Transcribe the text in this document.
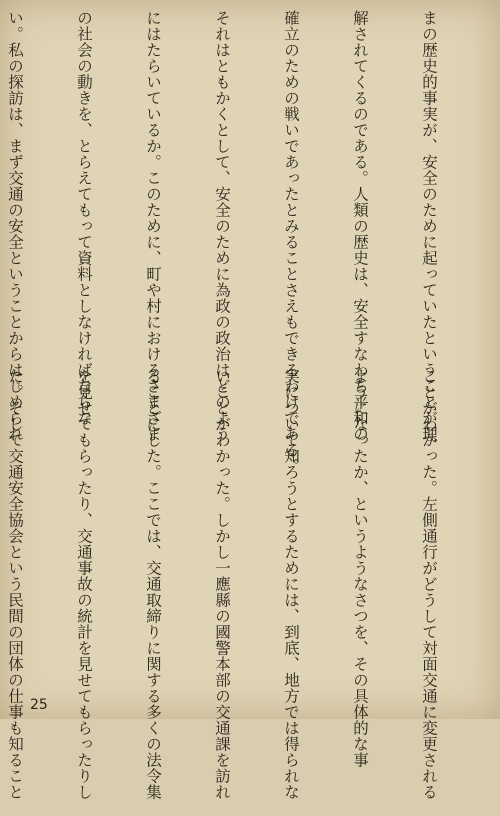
まの歴史的事実が、安全のために起っていたということが理

解されてくるのである。人類の歴史は、安全すなわち平和の

確立のための戦いであったとみることさえもできるわけである。

それはともかくとして、安全のために為政の政治はどのよう

にはたらいているか。このために、町や村におけるさまざま

の社会の動きを、とらえてもって資料としなければならな

い。私の探訪は、まず交通の安全ということからはじめられ

ことがわかった。左側通行がどうして対面交通に変更される

ようになったか、というようなさつを、その具体的な事

実について知ろうとするためには、到底、地方では得られな

いことがわかった。しかし一應縣の國警本部の交通課を訪れ

ることにした。ここでは、交通取締りに関する多くの法令集

を見せてもらったり、交通事故の統計を見せてもらったりし

た。そして交通安全協会という民間の団体の仕事も知ること

25
